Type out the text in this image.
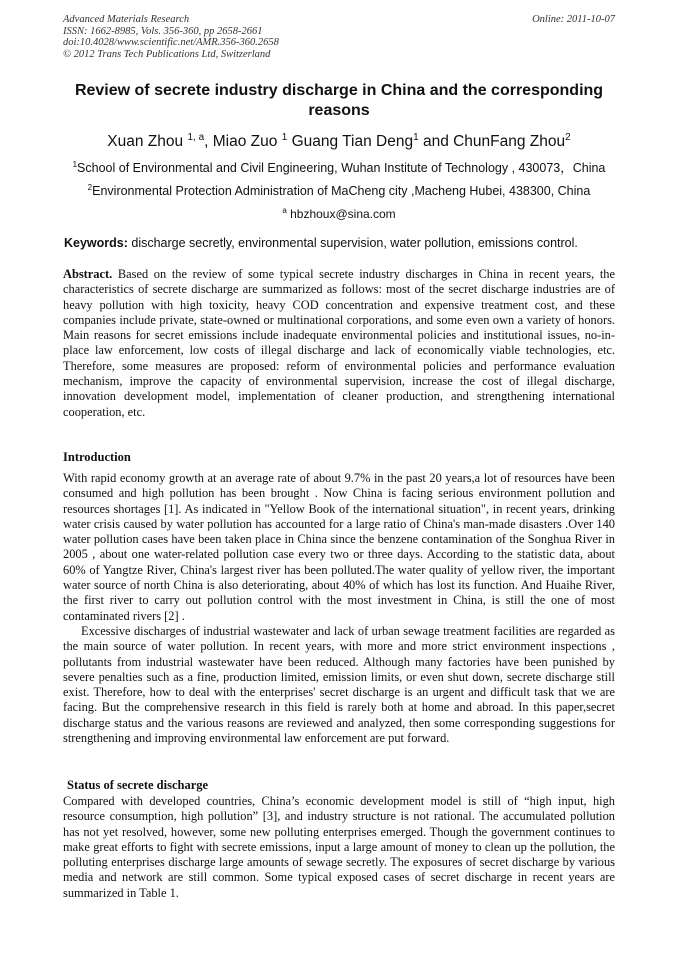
Advanced Materials Research
ISSN: 1662-8985, Vols. 356-360, pp 2658-2661
doi:10.4028/www.scientific.net/AMR.356-360.2658
© 2012 Trans Tech Publications Ltd, Switzerland
Online: 2011-10-07
Review of secrete industry discharge in China and the corresponding reasons
Xuan Zhou $^{1, a}$, Miao Zuo $^1$ Guang Tian Deng$^1$ and ChunFang Zhou$^2$
$^1$School of Environmental and Civil Engineering, Wuhan Institute of Technology , 430073，China
$^2$Environmental Protection Administration of MaCheng city ,Macheng Hubei, 438300, China
$^a$ hbzhoux@sina.com
Keywords: discharge secretly, environmental supervision, water pollution, emissions control.
Abstract. Based on the review of some typical secrete industry discharges in China in recent years, the characteristics of secrete discharge are summarized as follows: most of the secret discharge industries are of heavy pollution with high toxicity, heavy COD concentration and expensive treatment cost, and these companies include private, state-owned or multinational corporations, and some even own a variety of honors. Main reasons for secret emissions include inadequate environmental policies and institutional issues, no-in-place law enforcement, low costs of illegal discharge and lack of economically viable technologies, etc. Therefore, some measures are proposed: reform of environmental policies and performance evaluation mechanism, improve the capacity of environmental supervision, increase the cost of illegal discharge, innovation development model, implementation of cleaner production, and strengthening international cooperation, etc.
Introduction

With rapid economy growth at an average rate of about 9.7% in the past 20 years,a lot of resources have been consumed and high pollution has been brought . Now China is facing serious environment pollution and resources shortages [1]. As indicated in "Yellow Book of the international situation", in recent years, drinking water crisis caused by water pollution has accounted for a large ratio of China's man-made disasters .Over 140 water pollution cases have been taken place in China since the benzene contamination of the Songhua River in 2005 , about one water-related pollution case every two or three days. According to the statistic data, about 60% of Yangtze River, China's largest river has been polluted.The water quality of yellow river, the important water source of north China is also deteriorating, about 40% of which has lost its function. And Huaihe River, the first river to carry out pollution control with the most investment in China, is still the one of most contaminated rivers [2] .

Excessive discharges of industrial wastewater and lack of urban sewage treatment facilities are regarded as the main source of water pollution. In recent years, with more and more strict environment inspections , pollutants from industrial wastewater have been reduced. Although many factories have been punished by severe penalties such as a fine, production limited, emission limits, or even shut down, secrete discharge still exist. Therefore, how to deal with the enterprises' secret discharge is an urgent and difficult task that we are facing. But the comprehensive research in this field is rarely both at home and abroad. In this paper,secret discharge status and the various reasons are reviewed and analyzed, then some corresponding suggestions for strengthening and improving environmental law enforcement are put forward.

Status of secrete discharge

Compared with developed countries, China’s economic development model is still of “high input, high resource consumption, high pollution” [3], and industry structure is not rational. The accumulated pollution has not yet resolved, however, some new polluting enterprises emerged. Though the government continues to make great efforts to fight with secrete emissions, input a large amount of money to clean up the pollution, the polluting enterprises discharge large amounts of sewage secretly. The exposures of secret discharge by various media and network are still common. Some typical exposed cases of secret discharge in recent years are summarized in Table 1.
